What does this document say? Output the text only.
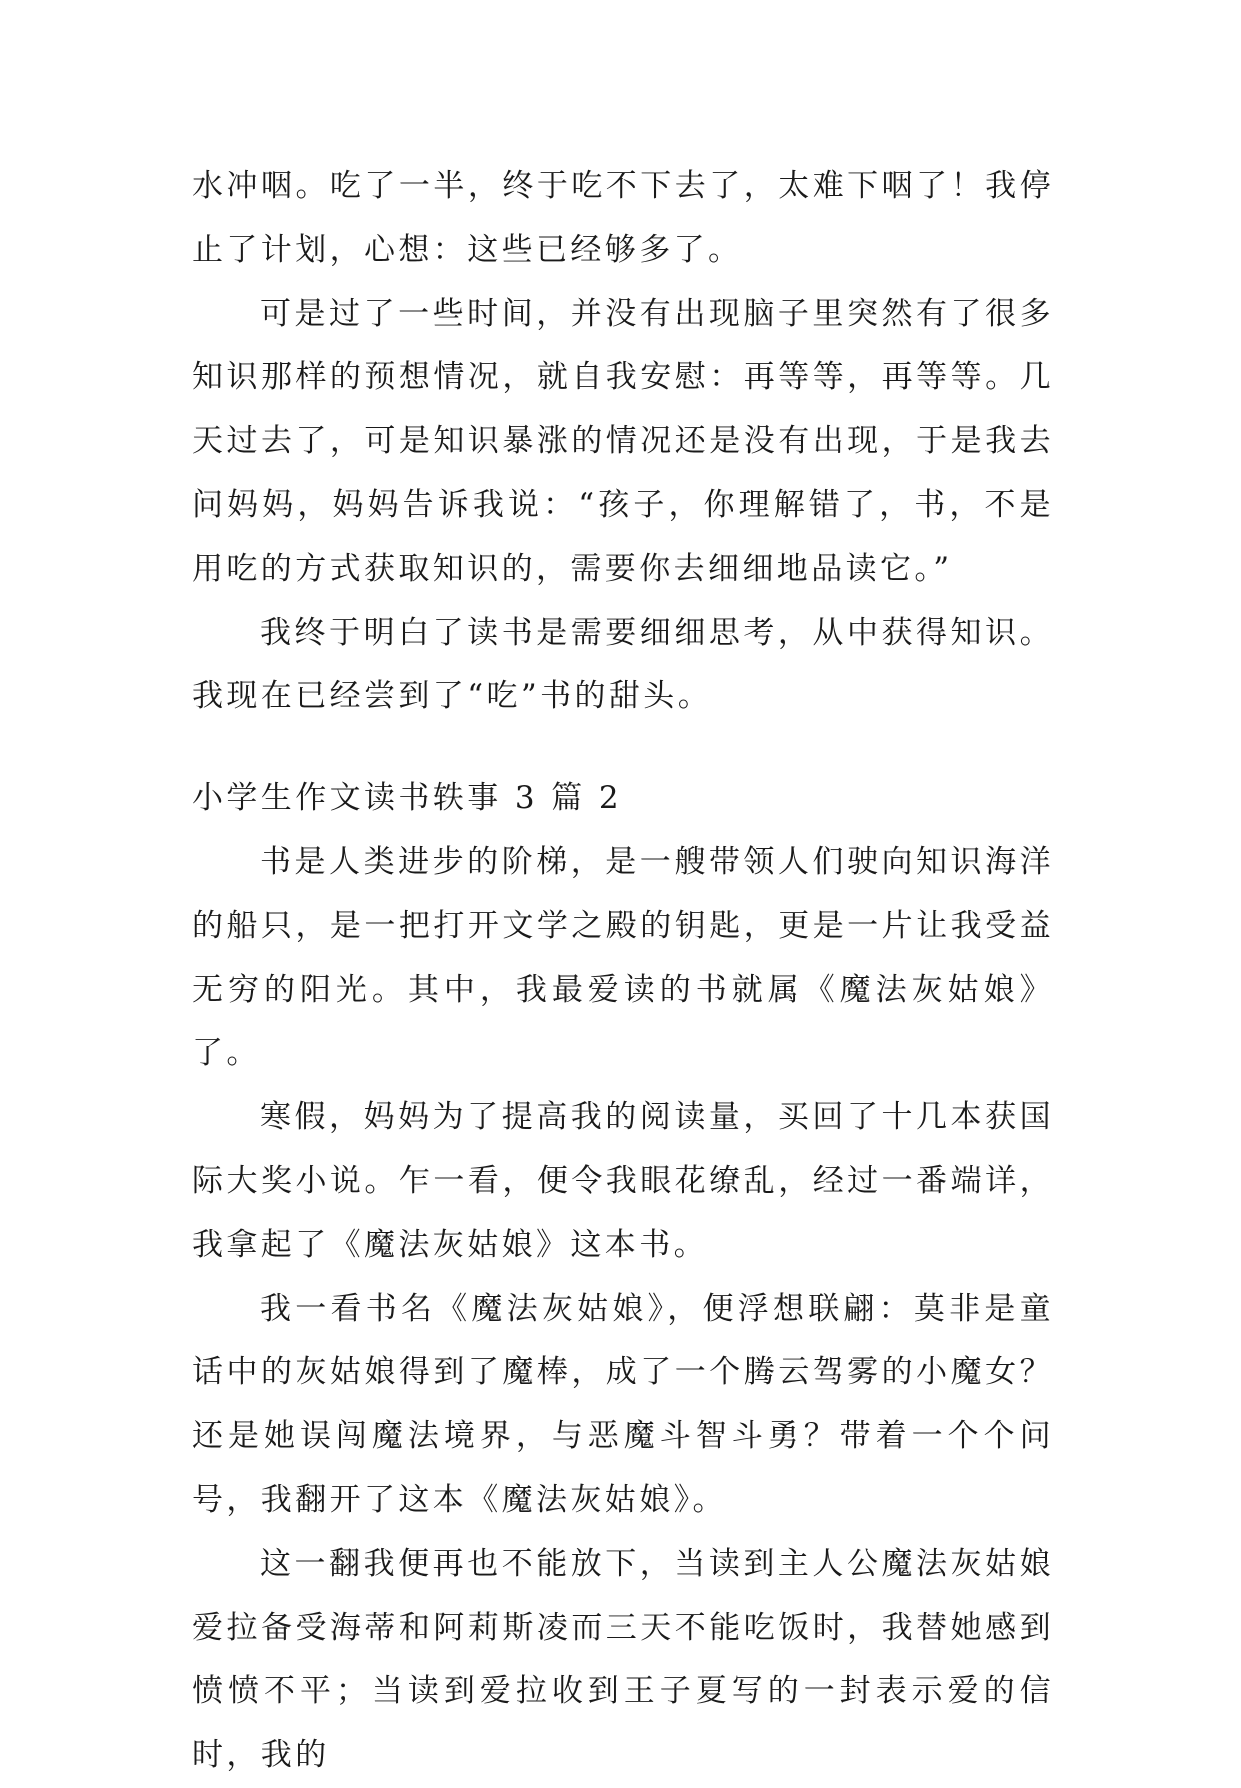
水冲咽。吃了一半，终于吃不下去了，太难下咽了！我停止了计划，心想：这些已经够多了。

可是过了一些时间，并没有出现脑子里突然有了很多知识那样的预想情况，就自我安慰：再等等，再等等。几天过去了，可是知识暴涨的情况还是没有出现，于是我去问妈妈，妈妈告诉我说：“孩子，你理解错了，书，不是用吃的方式获取知识的，需要你去细细地品读它。”

我终于明白了读书是需要细细思考，从中获得知识。我现在已经尝到了“吃”书的甜头。

小学生作文读书轶事 3 篇 2

书是人类进步的阶梯，是一艘带领人们驶向知识海洋的船只，是一把打开文学之殿的钥匙，更是一片让我受益无穷的阳光。其中，我最爱读的书就属《魔法灰姑娘》了。

寒假，妈妈为了提高我的阅读量，买回了十几本获国际大奖小说。乍一看，便令我眼花缭乱，经过一番端详，我拿起了《魔法灰姑娘》这本书。

我一看书名《魔法灰姑娘》，便浮想联翩：莫非是童话中的灰姑娘得到了魔棒，成了一个腾云驾雾的小魔女？还是她误闯魔法境界，与恶魔斗智斗勇？带着一个个问号，我翻开了这本《魔法灰姑娘》。

这一翻我便再也不能放下，当读到主人公魔法灰姑娘爱拉备受海蒂和阿莉斯凌而三天不能吃饭时，我替她感到愤愤不平；当读到爱拉收到王子夏写的一封表示爱的信时，我的
